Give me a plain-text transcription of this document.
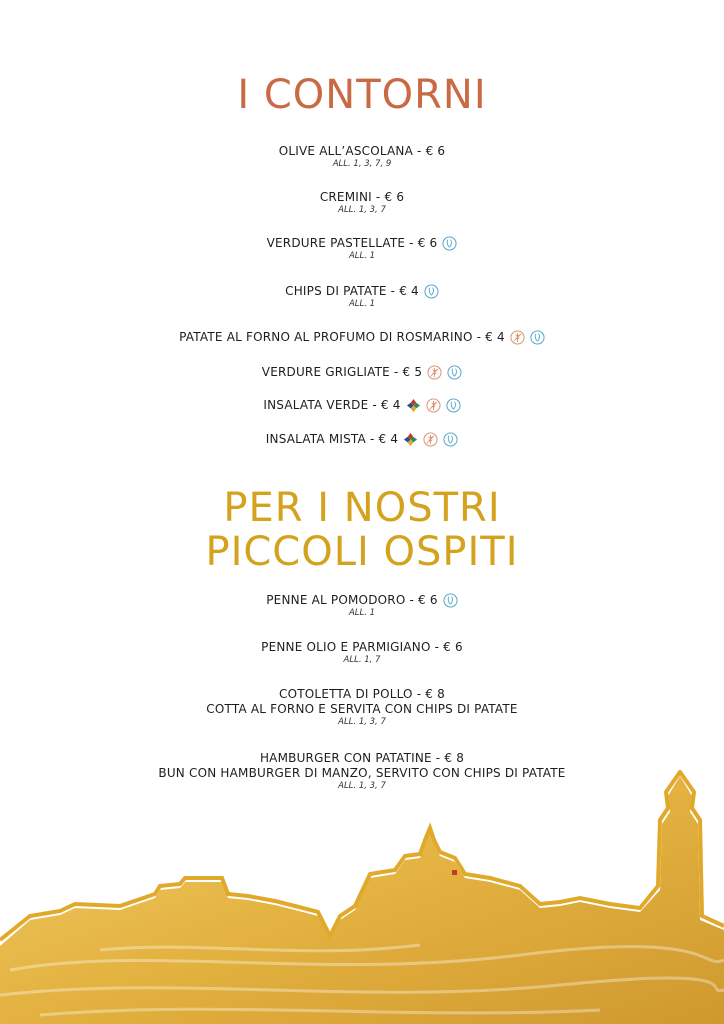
I CONTORNI
OLIVE ALL’ASCOLANA - € 6
ALL. 1, 3, 7, 9
CREMINI - € 6
ALL. 1, 3, 7
VERDURE PASTELLATE - € 6
ALL. 1
CHIPS DI PATATE - € 4
ALL. 1
PATATE AL FORNO AL PROFUMO DI ROSMARINO - € 4
VERDURE GRIGLIATE - € 5
INSALATA VERDE - € 4
INSALATA MISTA - € 4
PER I NOSTRI
PICCOLI OSPITI
PENNE AL POMODORO - € 6
ALL. 1
PENNE OLIO E PARMIGIANO - € 6
ALL. 1, 7
COTOLETTA DI POLLO - € 8
COTTA AL FORNO E SERVITA CON CHIPS DI PATATE
ALL. 1, 3, 7
HAMBURGER CON PATATINE - € 8
BUN CON HAMBURGER DI MANZO, SERVITO CON CHIPS DI PATATE
ALL. 1, 3, 7
